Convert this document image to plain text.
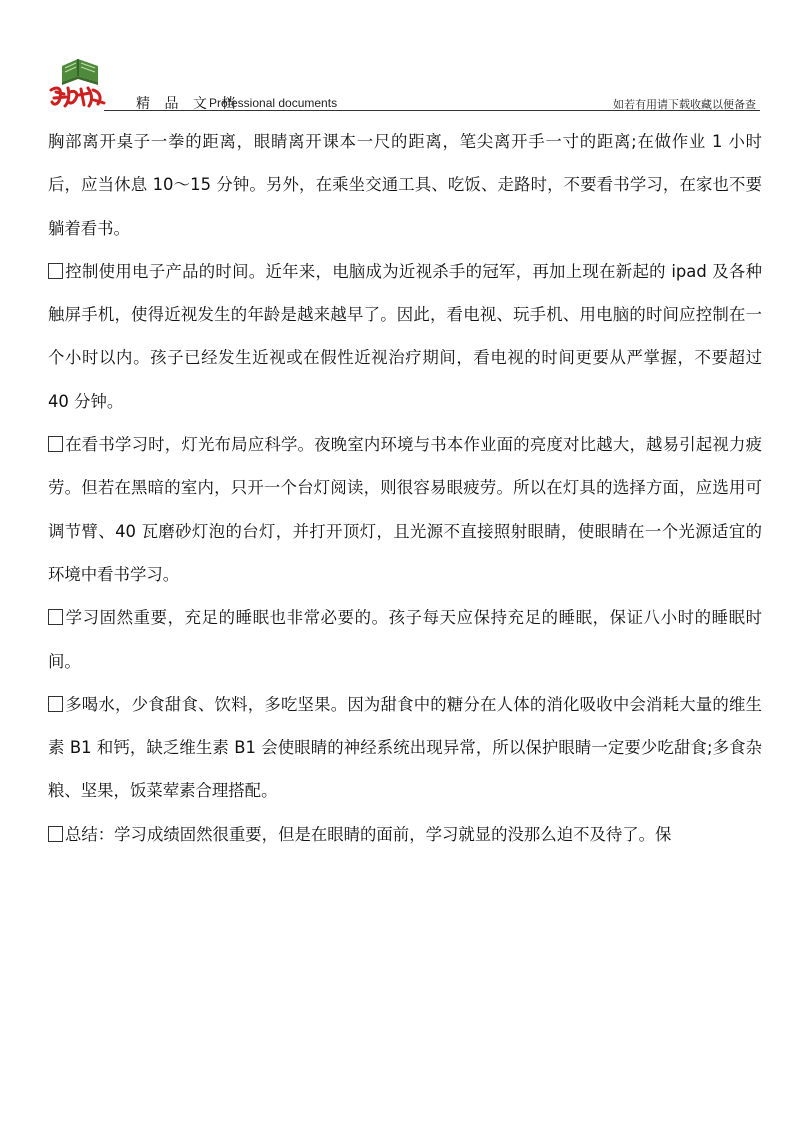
精 品 文 档
Professional documents	如若有用请下载收藏以便备查

胸部离开桌子一拳的距离，眼睛离开课本一尺的距离，笔尖离开手一寸的距离;在做作业 1 小时后，应当休息 10～15 分钟。另外，在乘坐交通工具、吃饭、走路时，不要看书学习，在家也不要躺着看书。

控制使用电子产品的时间。近年来，电脑成为近视杀手的冠军，再加上现在新起的 ipad 及各种触屏手机，使得近视发生的年龄是越来越早了。因此，看电视、玩手机、用电脑的时间应控制在一个小时以内。孩子已经发生近视或在假性近视治疗期间，看电视的时间更要从严掌握，不要超过 40 分钟。

在看书学习时，灯光布局应科学。夜晚室内环境与书本作业面的亮度对比越大，越易引起视力疲劳。但若在黑暗的室内，只开一个台灯阅读，则很容易眼疲劳。所以在灯具的选择方面，应选用可调节臂、40 瓦磨砂灯泡的台灯，并打开顶灯，且光源不直接照射眼睛，使眼睛在一个光源适宜的环境中看书学习。

学习固然重要，充足的睡眠也非常必要的。孩子每天应保持充足的睡眠，保证八小时的睡眠时间。

多喝水，少食甜食、饮料，多吃坚果。因为甜食中的糖分在人体的消化吸收中会消耗大量的维生素 B1 和钙，缺乏维生素 B1 会使眼睛的神经系统出现异常，所以保护眼睛一定要少吃甜食;多食杂粮、坚果，饭菜荤素合理搭配。

总结：学习成绩固然很重要，但是在眼睛的面前，学习就显的没那么迫不及待了。保
